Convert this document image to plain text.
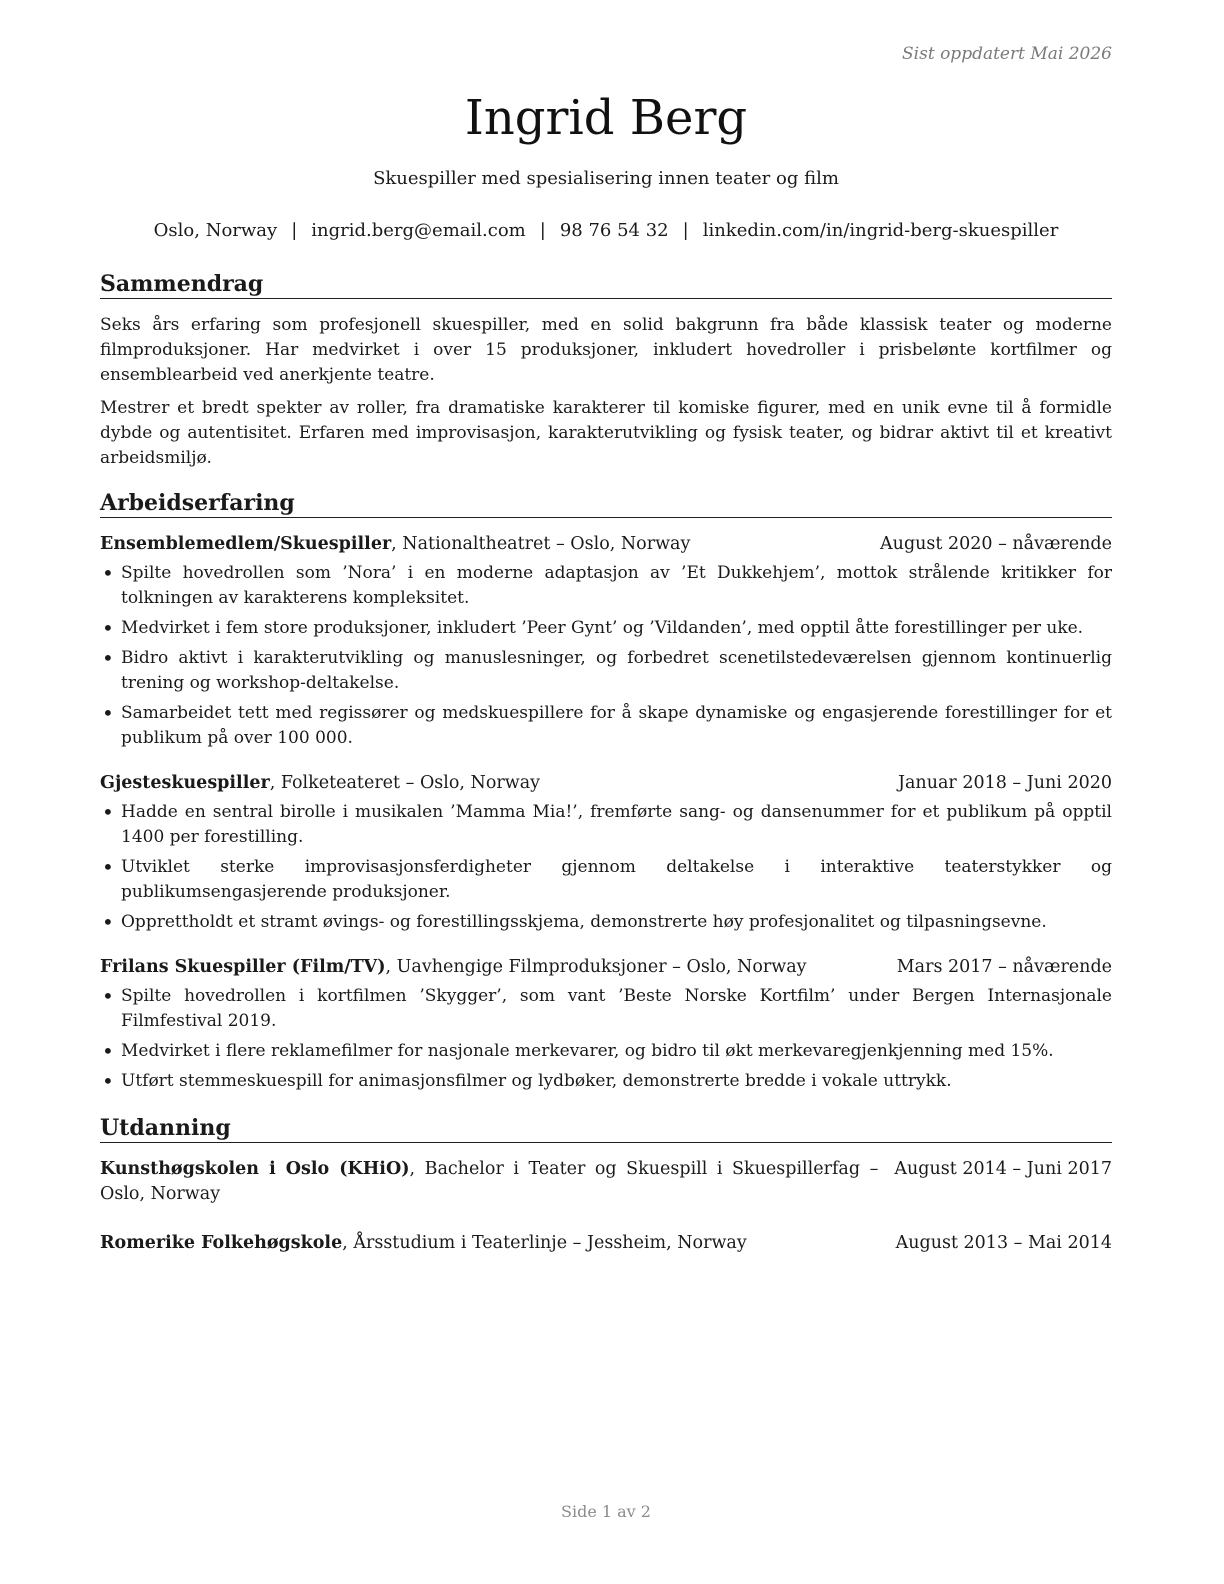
Sist oppdatert Mai 2026
Ingrid Berg
Skuespiller med spesialisering innen teater og film
Oslo, Norway | ingrid.berg@email.com | 98 76 54 32 | linkedin.com/in/ingrid-berg-skuespiller
Sammendrag

Seks års erfaring som profesjonell skuespiller, med en solid bakgrunn fra både klassisk teater og moderne filmproduksjoner. Har medvirket i over 15 produksjoner, inkludert hovedroller i prisbelønte kortfilmer og ensemblearbeid ved anerkjente teatre.

Mestrer et bredt spekter av roller, fra dramatiske karakterer til komiske figurer, med en unik evne til å formidle dybde og autentisitet. Erfaren med improvisasjon, karakterutvikling og fysisk teater, og bidrar aktivt til et kreativt arbeidsmiljø.

Arbeidserfaring
Ensemblemedlem/Skuespiller, Nationaltheatret – Oslo, Norway	August 2020 – nåværende
• Spilte hovedrollen som ’Nora’ i en moderne adaptasjon av ’Et Dukkehjem’, mottok strålende kritikker for tolkningen av karakterens kompleksitet.
• Medvirket i fem store produksjoner, inkludert ’Peer Gynt’ og ’Vildanden’, med opptil åtte forestillinger per uke.
• Bidro aktivt i karakterutvikling og manuslesninger, og forbedret scenetilstedeværelsen gjennom kontinuerlig trening og workshop-deltakelse.
• Samarbeidet tett med regissører og medskuespillere for å skape dynamiske og engasjerende forestillinger for et publikum på over 100 000.
Gjesteskuespiller, Folketeateret – Oslo, Norway	Januar 2018 – Juni 2020
• Hadde en sentral birolle i musikalen ’Mamma Mia!’, fremførte sang- og dansenummer for et publikum på opptil 1400 per forestilling.
• Utviklet sterke improvisasjonsferdigheter gjennom deltakelse i interaktive teaterstykker og publikumsengasjerende produksjoner.
• Opprettholdt et stramt øvings- og forestillingsskjema, demonstrerte høy profesjonalitet og tilpasningsevne.
Frilans Skuespiller (Film/TV), Uavhengige Filmproduksjoner – Oslo, Norway	Mars 2017 – nåværende
• Spilte hovedrollen i kortfilmen ’Skygger’, som vant ’Beste Norske Kortfilm’ under Bergen Internasjonale Filmfestival 2019.
• Medvirket i flere reklamefilmer for nasjonale merkevarer, og bidro til økt merkevaregjenkjenning med 15%.
• Utført stemmeskuespill for animasjonsfilmer og lydbøker, demonstrerte bredde i vokale uttrykk.
Utdanning
Kunsthøgskolen i Oslo (KHiO), Bachelor i Teater og Skuespill i Skuespillerfag – Oslo, Norway
August 2014 – Juni 2017
Romerike Folkehøgskole, Årsstudium i Teaterlinje – Jessheim, Norway	August 2013 – Mai 2014
Side 1 av 2
